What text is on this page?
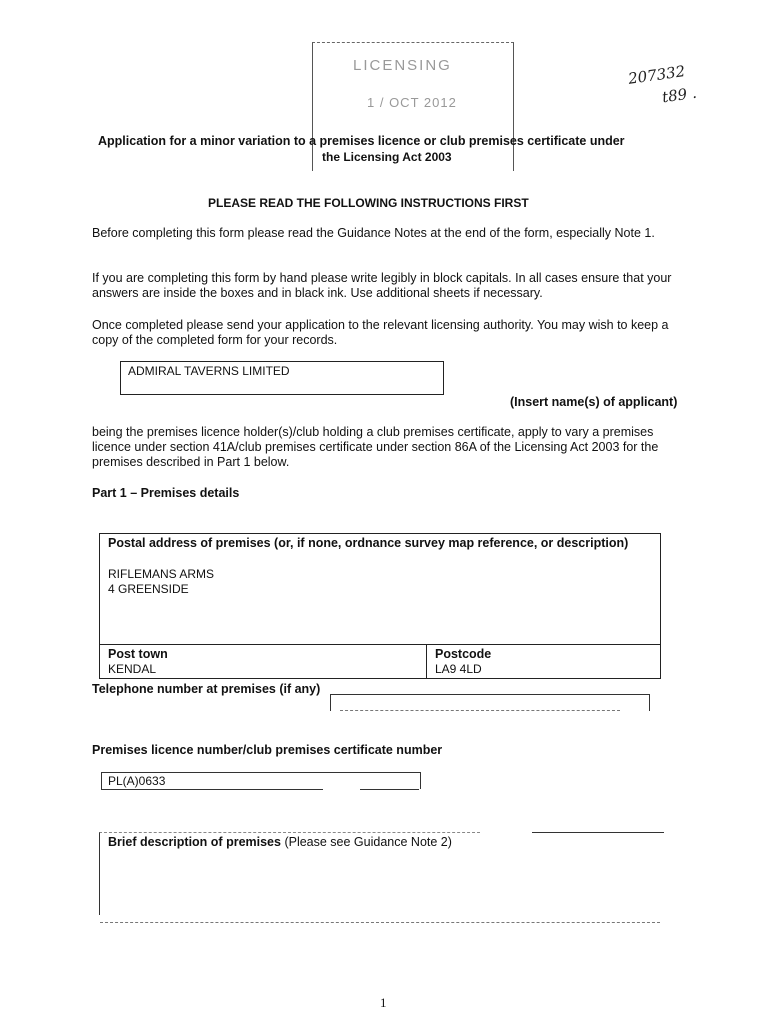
LICENSING
1 / OCT 2012
207332
t89 .
Application for a minor variation to a premises licence or club premises certificate under
the Licensing Act 2003
PLEASE READ THE FOLLOWING INSTRUCTIONS FIRST
Before completing this form please read the Guidance Notes at the end of the form, especially Note 1.
If you are completing this form by hand please write legibly in block capitals. In all cases ensure that your answers are inside the boxes and in black ink. Use additional sheets if necessary.
Once completed please send your application to the relevant licensing authority. You may wish to keep a copy of the completed form for your records.
ADMIRAL TAVERNS LIMITED
(Insert name(s) of applicant)
being the premises licence holder(s)/club holding a club premises certificate, apply to vary a premises licence under section 41A/club premises certificate under section 86A of the Licensing Act 2003 for the premises described in Part 1 below.
Part 1 – Premises details
Postal address of premises (or, if none, ordnance survey map reference, or description)
RIFLEMANS ARMS
4 GREENSIDE
Post town
KENDAL
Postcode
LA9 4LD
Telephone number at premises (if any)
Premises licence number/club premises certificate number
PL(A)0633
Brief description of premises (Please see Guidance Note 2)
1
